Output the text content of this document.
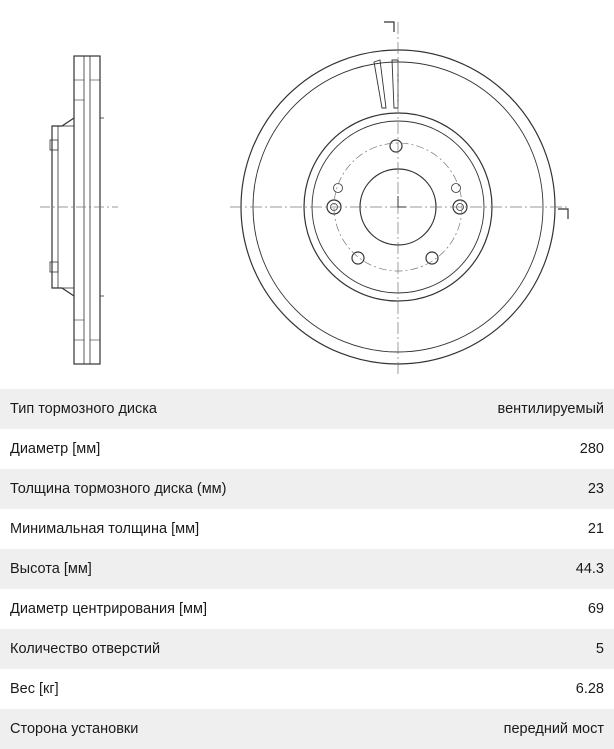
Тип тормозного диска	вентилируемый
Диаметр [мм]	280
Толщина тормозного диска (мм)	23
Минимальная толщина [мм]	21
Высота [мм]	44.3
Диаметр центрирования [мм]	69
Количество отверстий	5
Вес [кг]	6.28
Сторона установки	передний мост
